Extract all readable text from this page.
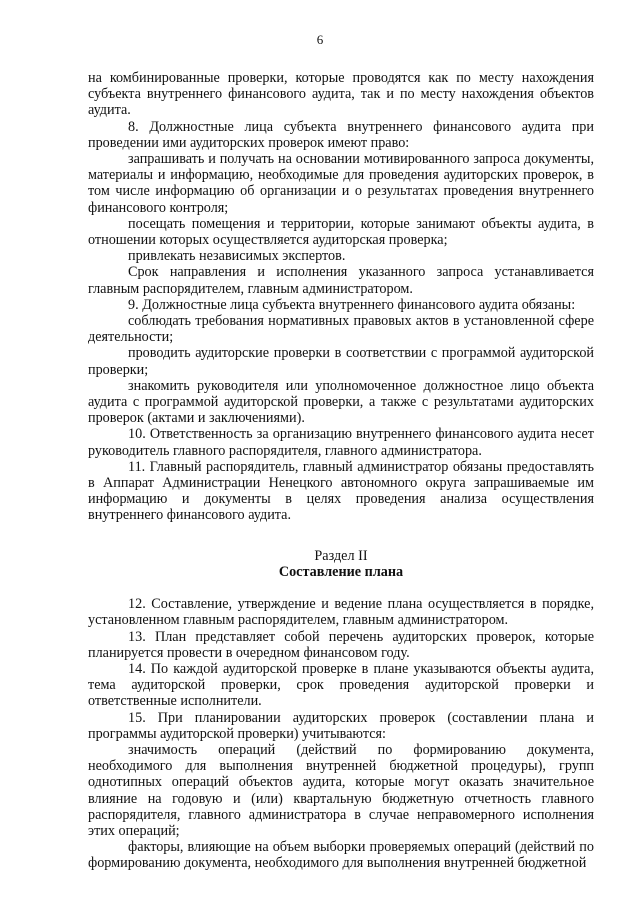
6

на комбинированные проверки, которые проводятся как по месту нахождения субъекта внутреннего финансового аудита, так и по месту нахождения объектов аудита.

8. Должностные лица субъекта внутреннего финансового аудита при проведении ими аудиторских проверок имеют право:

запрашивать и получать на основании мотивированного запроса документы, материалы и информацию, необходимые для проведения аудиторских проверок, в том числе информацию об организации и о результатах проведения внутреннего финансового контроля;

посещать помещения и территории, которые занимают объекты аудита, в отношении которых осуществляется аудиторская проверка;

привлекать независимых экспертов.

Срок направления и исполнения указанного запроса устанавливается главным распорядителем, главным администратором.

9. Должностные лица субъекта внутреннего финансового аудита обязаны:

соблюдать требования нормативных правовых актов в установленной сфере деятельности;

проводить аудиторские проверки в соответствии с программой аудиторской проверки;

знакомить руководителя или уполномоченное должностное лицо объекта аудита с программой аудиторской проверки, а также с результатами аудиторских проверок (актами и заключениями).

10. Ответственность за организацию внутреннего финансового аудита несет руководитель главного распорядителя, главного администратора.

11. Главный распорядитель, главный администратор обязаны предоставлять в Аппарат Администрации Ненецкого автономного округа запрашиваемые им информацию и документы в целях проведения анализа осуществления внутреннего финансового аудита.

Раздел II
Составление плана

12. Составление, утверждение и ведение плана осуществляется в порядке, установленном главным распорядителем, главным администратором.

13. План представляет собой перечень аудиторских проверок, которые планируется провести в очередном финансовом году.

14. По каждой аудиторской проверке в плане указываются объекты аудита, тема аудиторской проверки, срок проведения аудиторской проверки и ответственные исполнители.

15. При планировании аудиторских проверок (составлении плана и программы аудиторской проверки) учитываются:

значимость операций (действий по формированию документа, необходимого для выполнения внутренней бюджетной процедуры), групп однотипных операций объектов аудита, которые могут оказать значительное влияние на годовую и (или) квартальную бюджетную отчетность главного распорядителя, главного администратора в случае неправомерного исполнения этих операций;

факторы, влияющие на объем выборки проверяемых операций (действий по формированию документа, необходимого для выполнения внутренней бюджетной
